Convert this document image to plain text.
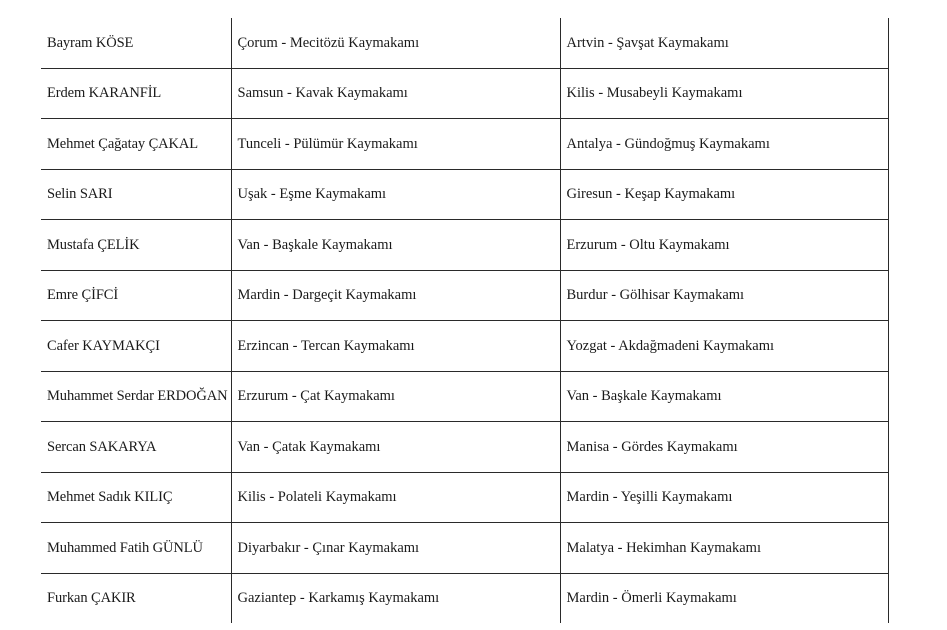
Bayram KÖSE	Çorum - Mecitözü Kaymakamı	Artvin - Şavşat Kaymakamı
Erdem KARANFİL	Samsun - Kavak Kaymakamı	Kilis - Musabeyli Kaymakamı
Mehmet Çağatay ÇAKAL	Tunceli - Pülümür Kaymakamı	Antalya - Gündoğmuş Kaymakamı
Selin SARI	Uşak - Eşme Kaymakamı	Giresun - Keşap Kaymakamı
Mustafa ÇELİK	Van - Başkale Kaymakamı	Erzurum - Oltu Kaymakamı
Emre ÇİFCİ	Mardin - Dargeçit Kaymakamı	Burdur - Gölhisar Kaymakamı
Cafer KAYMAKÇI	Erzincan - Tercan Kaymakamı	Yozgat - Akdağmadeni Kaymakamı
Muhammet Serdar ERDOĞAN	Erzurum - Çat Kaymakamı	Van - Başkale Kaymakamı
Sercan SAKARYA	Van - Çatak Kaymakamı	Manisa - Gördes Kaymakamı
Mehmet Sadık KILIÇ	Kilis - Polateli Kaymakamı	Mardin - Yeşilli Kaymakamı
Muhammed Fatih GÜNLÜ	Diyarbakır - Çınar Kaymakamı	Malatya - Hekimhan Kaymakamı
Furkan ÇAKIR	Gaziantep - Karkamış Kaymakamı	Mardin - Ömerli Kaymakamı
